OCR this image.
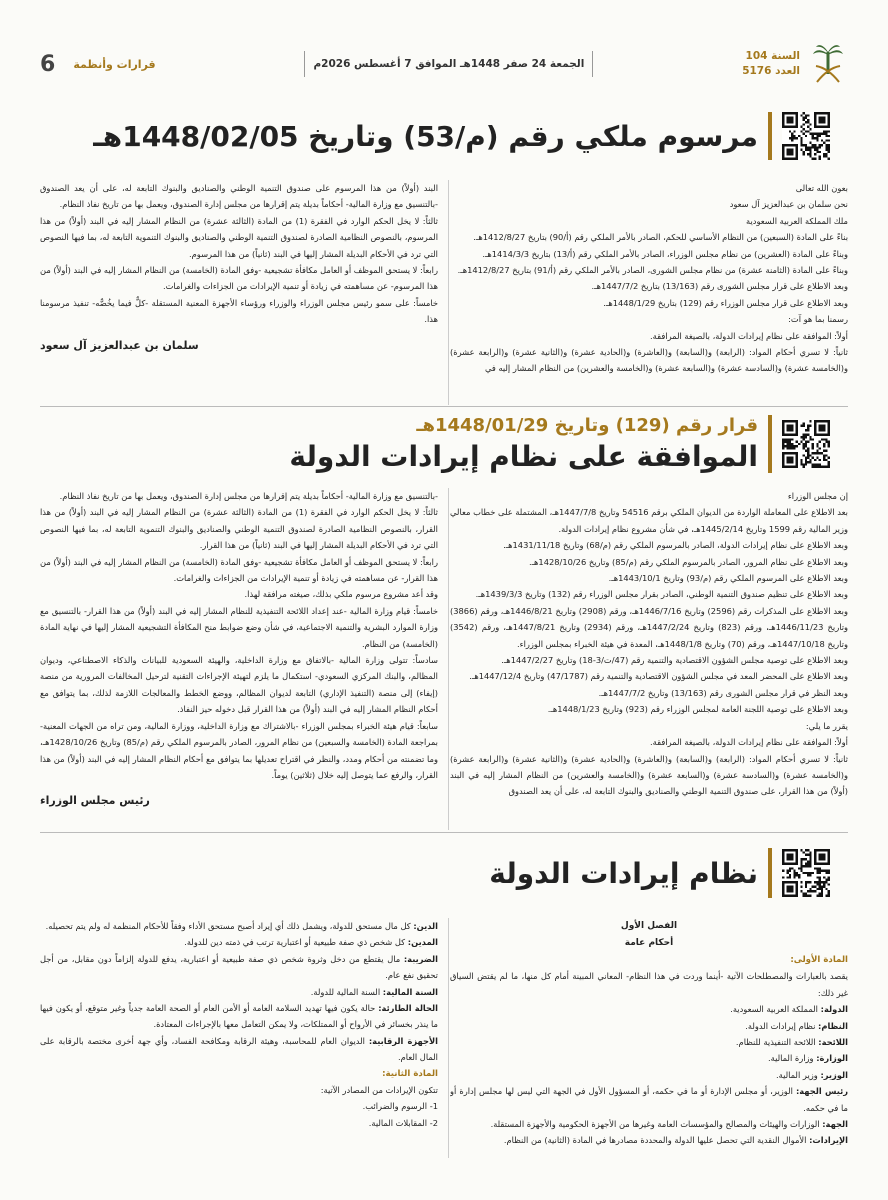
السنة 104
العدد 5176
الجمعة 24 صفر 1448هـ الموافق 7 أغسطس 2026م
قرارات وأنظمة
6
مرسوم ملكي رقم (م/53) وتاريخ 1448/02/05هـ

بعون الله تعالى

نحن سلمان بن عبدالعزيز آل سعود

ملك المملكة العربية السعودية

بناءً على المادة (السبعين) من النظام الأساسي للحكم، الصادر بالأمر الملكي رقم (أ/90) بتاريخ 1412/8/27هـ.

وبناءً على المادة (العشرين) من نظام مجلس الوزراء، الصادر بالأمر الملكي رقم (أ/13) بتاريخ 1414/3/3هـ.

وبناءً على المادة (الثامنة عشرة) من نظام مجلس الشورى، الصادر بالأمر الملكي رقم (أ/91) بتاريخ 1412/8/27هـ.

وبعد الاطلاع على قرار مجلس الشورى رقم (13/163) بتاريخ 1447/7/2هـ.

وبعد الاطلاع على قرار مجلس الوزراء رقم (129) بتاريخ 1448/1/29هـ.

رسمنا بما هو آت:

أولاً: الموافقة على نظام إيرادات الدولة، بالصيغة المرافقة.

ثانياً: لا تسري أحكام المواد: (الرابعة) و(السابعة) و(العاشرة) و(الحادية عشرة) و(الثانية عشرة) و(الرابعة عشرة) و(الخامسة عشرة) و(السادسة عشرة) و(السابعة عشرة) و(الخامسة والعشرين) من النظام المشار إليه في

البند (أولاً) من هذا المرسوم على صندوق التنمية الوطني والصناديق والبنوك التابعة له، على أن يعد الصندوق -بالتنسيق مع وزارة المالية- أحكاماً بديلة يتم إقرارها من مجلس إدارة الصندوق، ويعمل بها من تاريخ نفاذ النظام.

ثالثاً: لا يخل الحكم الوارد في الفقرة (1) من المادة (الثالثة عشرة) من النظام المشار إليه في البند (أولاً) من هذا المرسوم، بالنصوص النظامية الصادرة لصندوق التنمية الوطني والصناديق والبنوك التنموية التابعة له، بما فيها النصوص التي ترد في الأحكام البديلة المشار إليها في البند (ثانياً) من هذا المرسوم.

رابعاً: لا يستحق الموظف أو العامل مكافأة تشجيعية -وفق المادة (الخامسة) من النظام المشار إليه في البند (أولاً) من هذا المرسوم- عن مساهمته في زيادة أو تنمية الإيرادات من الجزاءات والغرامات.

خامساً: على سمو رئيس مجلس الوزراء والوزراء ورؤساء الأجهزة المعنية المستقلة -كلٌّ فيما يخُصُّه- تنفيذ مرسومنا هذا.

سلمان بن عبدالعزيز آل سعود

قرار رقم (129) وتاريخ 1448/01/29هـ
الموافقة على نظام إيرادات الدولة

إن مجلس الوزراء

بعد الاطلاع على المعاملة الواردة من الديوان الملكي برقم 54516 وتاريخ 1447/7/8هـ، المشتملة على خطاب معالي وزير المالية رقم 1599 وتاريخ 1445/2/14هـ، في شأن مشروع نظام إيرادات الدولة.

وبعد الاطلاع على نظام إيرادات الدولة، الصادر بالمرسوم الملكي رقم (م/68) وتاريخ 1431/11/18هـ.

وبعد الاطلاع على نظام المرور، الصادر بالمرسوم الملكي رقم (م/85) وتاريخ 1428/10/26هـ.

وبعد الاطلاع على المرسوم الملكي رقم (م/93) وتاريخ 1443/10/1هـ.

وبعد الاطلاع على تنظيم صندوق التنمية الوطني، الصادر بقرار مجلس الوزراء رقم (132) وتاريخ 1439/3/3هـ.

وبعد الاطلاع على المذكرات رقم (2596) وتاريخ 1446/7/16هـ، ورقم (2908) وتاريخ 1446/8/21هـ، ورقم (3866) وتاريخ 1446/11/23هـ، ورقم (823) وتاريخ 1447/2/24هـ، ورقم (2934) وتاريخ 1447/8/21هـ، ورقم (3542) وتاريخ 1447/10/18هـ، ورقم (70) وتاريخ 1448/1/8هـ، المعدة في هيئة الخبراء بمجلس الوزراء.

وبعد الاطلاع على توصية مجلس الشؤون الاقتصادية والتنمية رقم (47/ت/3-18) وتاريخ 1447/2/27هـ.

وبعد الاطلاع على المحضر المعد في مجلس الشؤون الاقتصادية والتنمية رقم (47/1787) وتاريخ 1447/12/4هـ.

وبعد النظر في قرار مجلس الشورى رقم (13/163) وتاريخ 1447/7/2هـ.

وبعد الاطلاع على توصية اللجنة العامة لمجلس الوزراء رقم (923) وتاريخ 1448/1/23هـ.

يقرر ما يلي:

أولاً: الموافقة على نظام إيرادات الدولة، بالصيغة المرافقة.

ثانياً: لا تسري أحكام المواد: (الرابعة) و(السابعة) و(العاشرة) و(الحادية عشرة) و(الثانية عشرة) و(الرابعة عشرة) و(الخامسة عشرة) و(السادسة عشرة) و(السابعة عشرة) و(الخامسة والعشرين) من النظام المشار إليه في البند (أولاً) من هذا القرار، على صندوق التنمية الوطني والصناديق والبنوك التابعة له، على أن يعد الصندوق

-بالتنسيق مع وزارة المالية- أحكاماً بديلة يتم إقرارها من مجلس إدارة الصندوق، ويعمل بها من تاريخ نفاذ النظام.

ثالثاً: لا يخل الحكم الوارد في الفقرة (1) من المادة (الثالثة عشرة) من النظام المشار إليه في البند (أولاً) من هذا القرار، بالنصوص النظامية الصادرة لصندوق التنمية الوطني والصناديق والبنوك التنموية التابعة له، بما فيها النصوص التي ترد في الأحكام البديلة المشار إليها في البند (ثانياً) من هذا القرار.

رابعاً: لا يستحق الموظف أو العامل مكافأة تشجيعية -وفق المادة (الخامسة) من النظام المشار إليه في البند (أولاً) من هذا القرار- عن مساهمته في زيادة أو تنمية الإيرادات من الجزاءات والغرامات.

وقد أعد مشروع مرسوم ملكي بذلك، صيغته مرافقة لهذا.

خامساً: قيام وزارة المالية -عند إعداد اللائحة التنفيذية للنظام المشار إليه في البند (أولاً) من هذا القرار- بالتنسيق مع وزارة الموارد البشرية والتنمية الاجتماعية، في شأن وضع ضوابط منح المكافأة التشجيعية المشار إليها في نهاية المادة (الخامسة) من النظام.

سادساً: تتولى وزارة المالية -بالاتفاق مع وزارة الداخلية، والهيئة السعودية للبيانات والذكاء الاصطناعي، وديوان المظالم، والبنك المركزي السعودي- استكمال ما يلزم لتهيئة الإجراءات التقنية لترحيل المخالفات المرورية من منصة (إيفاء) إلى منصة (التنفيذ الإداري) التابعة لديوان المظالم، ووضع الخطط والمعالجات اللازمة لذلك، بما يتوافق مع أحكام النظام المشار إليه في البند (أولاً) من هذا القرار قبل دخوله حيز النفاذ.

سابعاً: قيام هيئة الخبراء بمجلس الوزراء -بالاشتراك مع وزارة الداخلية، ووزارة المالية، ومن تراه من الجهات المعنية- بمراجعة المادة (الخامسة والسبعين) من نظام المرور، الصادر بالمرسوم الملكي رقم (م/85) وتاريخ 1428/10/26هـ، وما تضمنته من أحكام ومدد، والنظر في اقتراح تعديلها بما يتوافق مع أحكام النظام المشار إليه في البند (أولاً) من هذا القرار، والرفع عما يتوصل إليه خلال (ثلاثين) يوماً.

رئيس مجلس الوزراء

نظام إيرادات الدولة

الفصل الأول

أحكام عامة

المادة الأولى:

يقصد بالعبارات والمصطلحات الآتية -أينما وردت في هذا النظام- المعاني المبينة أمام كل منها، ما لم يقتض السياق غير ذلك:

الدولة: المملكة العربية السعودية.

النظام: نظام إيرادات الدولة.

اللائحة: اللائحة التنفيذية للنظام.

الوزارة: وزارة المالية.

الوزير: وزير المالية.

رئيس الجهة: الوزير، أو مجلس الإدارة أو ما في حكمه، أو المسؤول الأول في الجهة التي ليس لها مجلس إدارة أو ما في حكمه.

الجهة: الوزارات والهيئات والمصالح والمؤسسات العامة وغيرها من الأجهزة الحكومية والأجهزة المستقلة.

الإيرادات: الأموال النقدية التي تحصل عليها الدولة والمحددة مصادرها في المادة (الثانية) من النظام.

الدين: كل مال مستحق للدولة، ويشمل ذلك أي إيراد أصبح مستحق الأداء وفقاً للأحكام المنظمة له ولم يتم تحصيله.

المدين: كل شخص ذي صفة طبيعية أو اعتبارية ترتب في ذمته دين للدولة.

الضريبة: مال يقتطع من دخل وثروة شخص ذي صفة طبيعية أو اعتبارية، يدفع للدولة إلزاماً دون مقابل، من أجل تحقيق نفع عام.

السنة المالية: السنة المالية للدولة.

الحالة الطارئة: حالة يكون فيها تهديد السلامة العامة أو الأمن العام أو الصحة العامة جدياً وغير متوقع، أو يكون فيها ما ينذر بخسائر في الأرواح أو الممتلكات، ولا يمكن التعامل معها بالإجراءات المعتادة.

الأجهزة الرقابية: الديوان العام للمحاسبة، وهيئة الرقابة ومكافحة الفساد، وأي جهة أخرى مختصة بالرقابة على المال العام.

المادة الثانية:

تتكون الإيرادات من المصادر الآتية:

1- الرسوم والضرائب.

2- المقابلات المالية.
